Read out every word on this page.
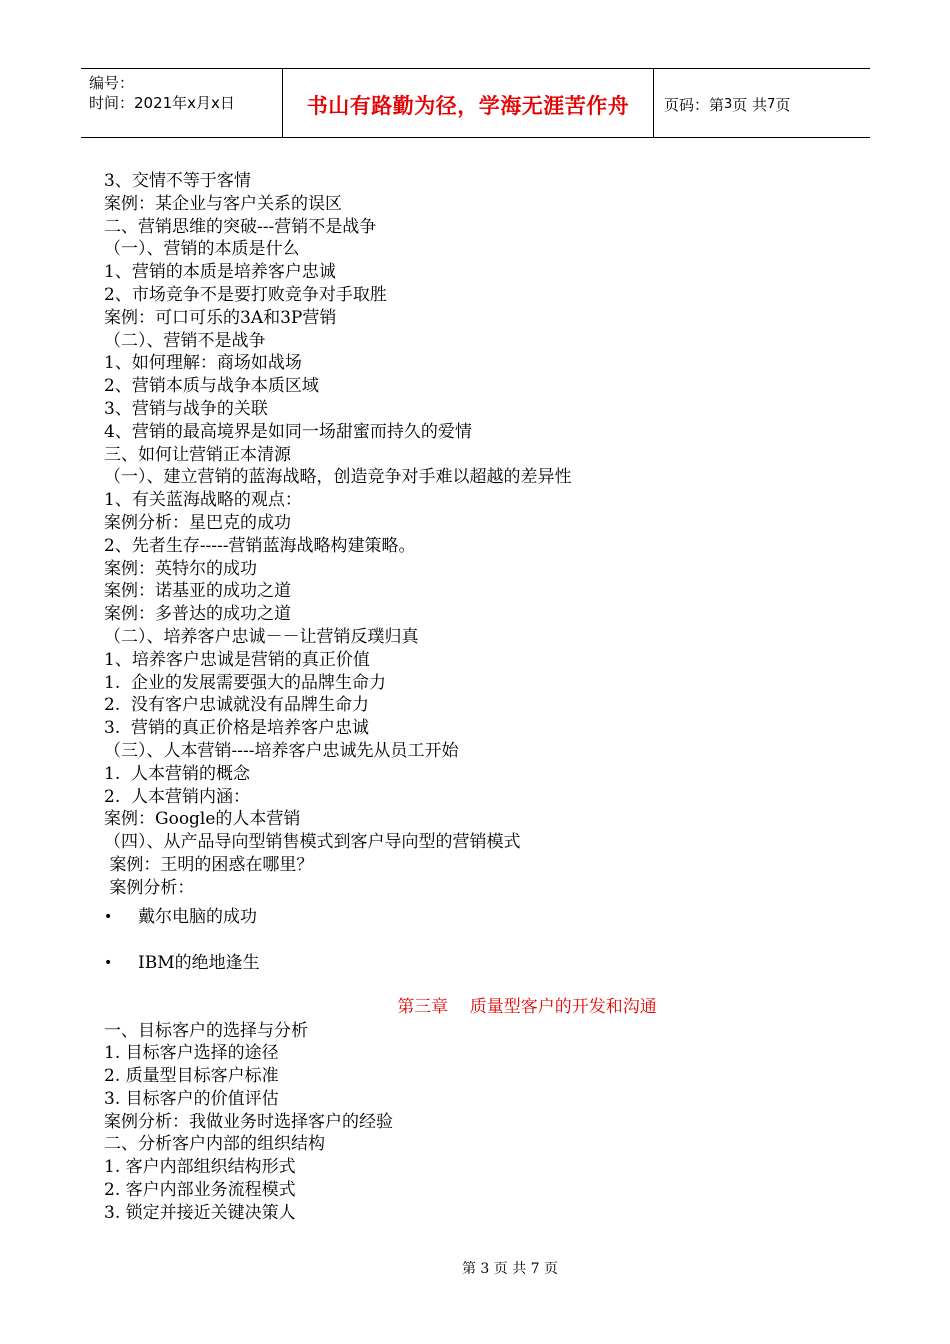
编号：
时间：2021年x月x日	书山有路勤为径，学海无涯苦作舟	页码：第 3 页 共 7 页
3、交情不等于客情
案例：某企业与客户关系的误区
二、营销思维的突破---营销不是战争
（一）、营销的本质是什么
1、营销的本质是培养客户忠诚
2、市场竞争不是要打败竞争对手取胜
案例：可口可乐的3A和3P营销
（二）、营销不是战争
1、如何理解：商场如战场
2、营销本质与战争本质区域
3、营销与战争的关联
4、营销的最高境界是如同一场甜蜜而持久的爱情
三、如何让营销正本清源
（一）、建立营销的蓝海战略，创造竞争对手难以超越的差异性
1、有关蓝海战略的观点：
案例分析：星巴克的成功
2、先者生存-----营销蓝海战略构建策略。
案例：英特尔的成功
案例：诺基亚的成功之道
案例：多普达的成功之道
（二）、培养客户忠诚－－让营销反璞归真
1、培养客户忠诚是营销的真正价值
1.  企业的发展需要强大的品牌生命力
2.  没有客户忠诚就没有品牌生命力
3.  营销的真正价格是培养客户忠诚
（三）、人本营销----培养客户忠诚先从员工开始
1.  人本营销的概念
2.  人本营销内涵：
案例：Google的人本营销
（四）、从产品导向型销售模式到客户导向型的营销模式
案例：王明的困惑在哪里？
案例分析：
• 戴尔电脑的成功
• IBM的绝地逢生
第三章    质量型客户的开发和沟通
一、目标客户的选择与分析
1. 目标客户选择的途径
2. 质量型目标客户标准
3. 目标客户的价值评估
案例分析：我做业务时选择客户的经验
二、分析客户内部的组织结构
1. 客户内部组织结构形式
2. 客户内部业务流程模式
3. 锁定并接近关键决策人
第 3 页 共 7 页
